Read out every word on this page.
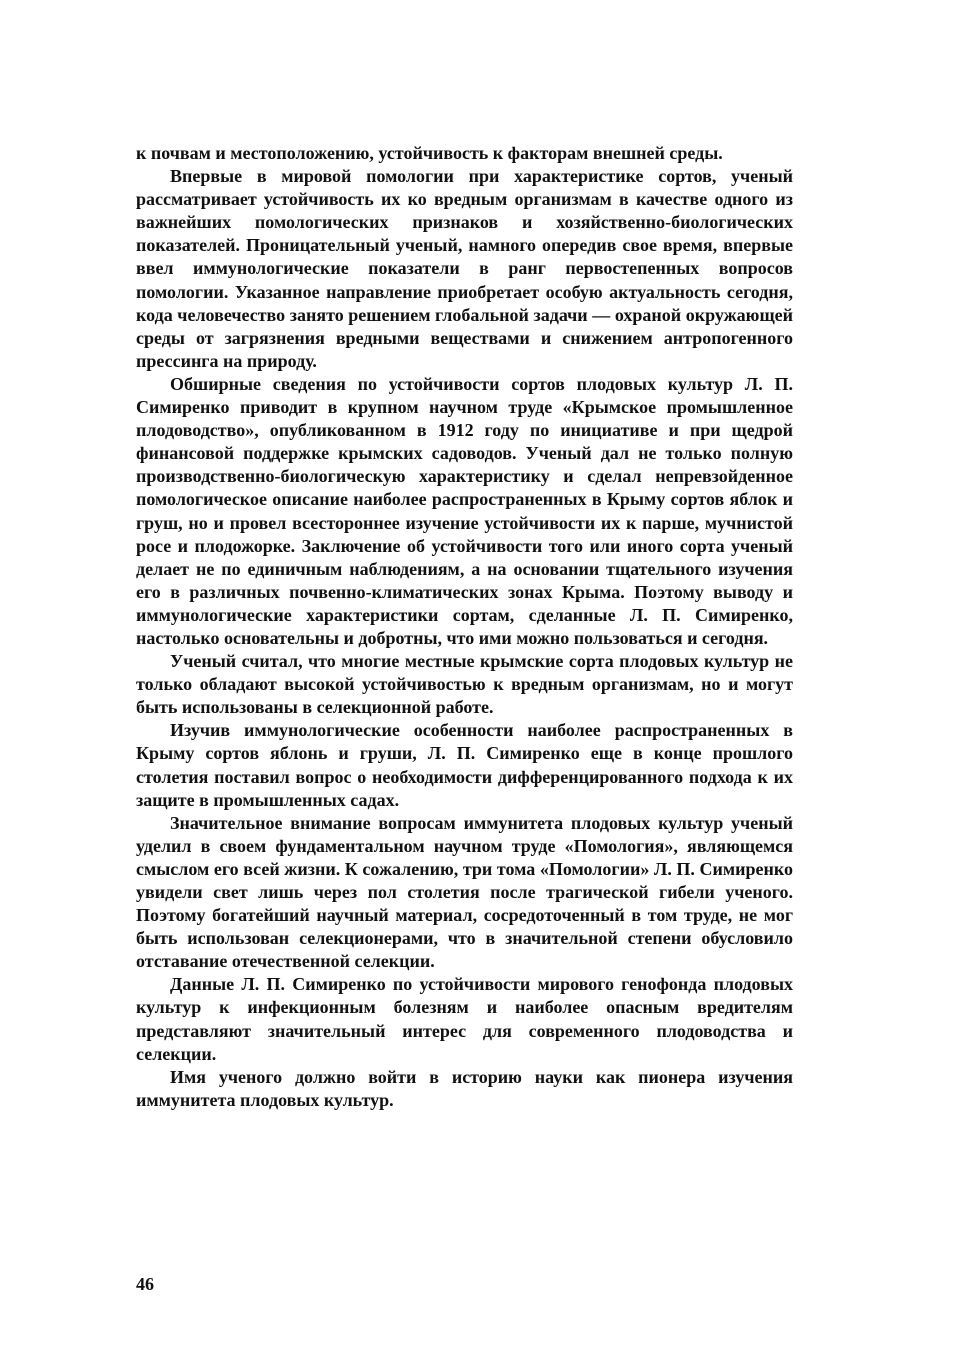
к почвам и местоположению, устойчивость к факторам внешней среды.

Впервые в мировой помологии при характеристике сортов, ученый рассматривает устойчивость их ко вредным организмам в качестве одного из важнейших помологических признаков и хозяйственно-биологических показателей. Проницательный ученый, намного опередив свое время, впервые ввел иммунологические показатели в ранг первостепенных вопросов помологии. Указанное направление приобретает особую актуальность сегодня, кода человечество занято решением глобальной задачи — охраной окружающей среды от загрязнения вредными веществами и снижением антропогенного прессинга на природу.

Обширные сведения по устойчивости сортов плодовых культур Л. П. Симиренко приводит в крупном научном труде «Крымское промышленное плодоводство», опубликованном в 1912 году по инициативе и при щедрой финансовой поддержке крымских садоводов. Ученый дал не только полную производственно-биологическую характеристику и сделал непревзойденное помологическое описание наиболее распространенных в Крыму сортов яблок и груш, но и провел всестороннее изучение устойчивости их к парше, мучнистой росе и плодожорке. Заключение об устойчивости того или иного сорта ученый делает не по единичным наблюдениям, а на основании тщательного изучения его в различных почвенно-климатических зонах Крыма. Поэтому выводу и иммунологические характеристики сортам, сделанные Л. П. Симиренко, настолько основательны и добротны, что ими можно пользоваться и сегодня.

Ученый считал, что многие местные крымские сорта плодовых культур не только обладают высокой устойчивостью к вредным организмам, но и могут быть использованы в селекционной работе.

Изучив иммунологические особенности наиболее распространенных в Крыму сортов яблонь и груши, Л. П. Симиренко еще в конце прошлого столетия поставил вопрос о необходимости дифференцированного подхода к их защите в промышленных садах.

Значительное внимание вопросам иммунитета плодовых культур ученый уделил в своем фундаментальном научном труде «Помология», являющемся смыслом его всей жизни. К сожалению, три тома «Помологии» Л. П. Симиренко увидели свет лишь через пол столетия после трагической гибели ученого. Поэтому богатейший научный материал, сосредоточенный в том труде, не мог быть использован селекционерами, что в значительной степени обусловило отставание отечественной селекции.

Данные Л. П. Симиренко по устойчивости мирового генофонда плодовых культур к инфекционным болезням и наиболее опасным вредителям представляют значительный интерес для современного плодоводства и селекции.

Имя ученого должно войти в историю науки как пионера изучения иммунитета плодовых культур.

46
